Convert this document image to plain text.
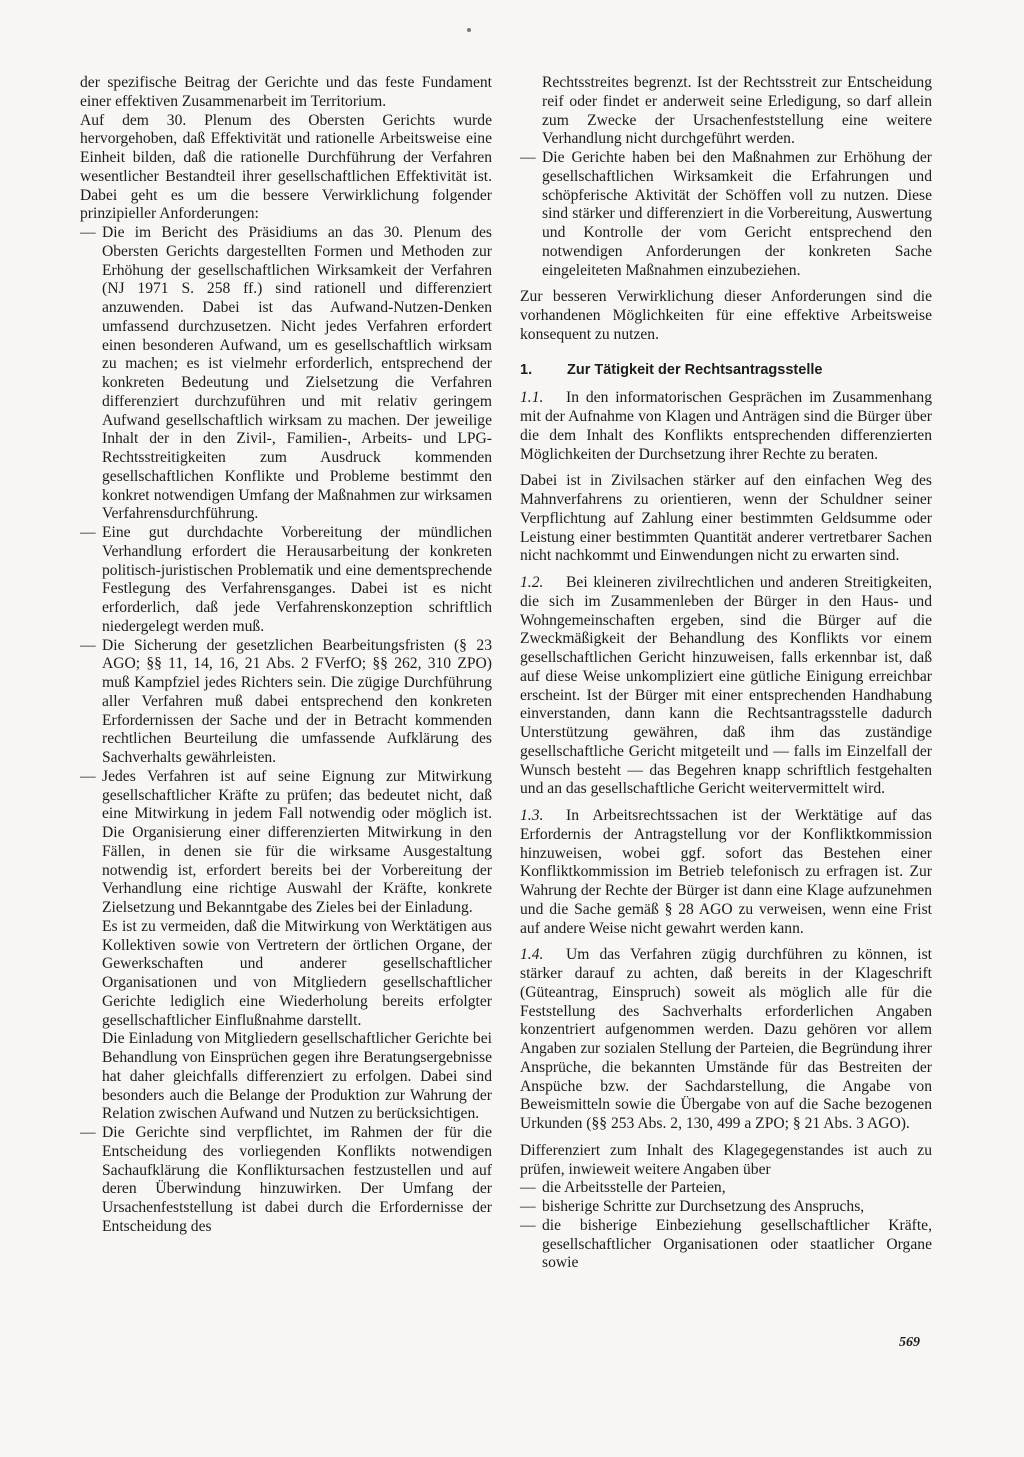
der spezifische Beitrag der Gerichte und das feste Fundament einer effektiven Zusammenarbeit im Territorium.

Auf dem 30. Plenum des Obersten Gerichts wurde hervorgehoben, daß Effektivität und rationelle Arbeitsweise eine Einheit bilden, daß die rationelle Durchführung der Verfahren wesentlicher Bestandteil ihrer gesellschaftlichen Effektivität ist. Dabei geht es um die bessere Verwirklichung folgender prinzipieller Anforderungen:

— Die im Bericht des Präsidiums an das 30. Plenum des Obersten Gerichts dargestellten Formen und Methoden zur Erhöhung der gesellschaftlichen Wirksamkeit der Verfahren (NJ 1971 S. 258 ff.) sind rationell und differenziert anzuwenden. Dabei ist das Aufwand-Nutzen-Denken umfassend durchzusetzen. Nicht jedes Verfahren erfordert einen besonderen Aufwand, um es gesellschaftlich wirksam zu machen; es ist vielmehr erforderlich, entsprechend der konkreten Bedeutung und Zielsetzung die Verfahren differenziert durchzuführen und mit relativ geringem Aufwand gesellschaftlich wirksam zu machen. Der jeweilige Inhalt der in den Zivil-, Familien-, Arbeits- und LPG-Rechtsstreitigkeiten zum Ausdruck kommenden gesellschaftlichen Konflikte und Probleme bestimmt den konkret notwendigen Umfang der Maßnahmen zur wirksamen Verfahrensdurchführung.

— Eine gut durchdachte Vorbereitung der mündlichen Verhandlung erfordert die Herausarbeitung der konkreten politisch-juristischen Problematik und eine dementsprechende Festlegung des Verfahrensganges. Dabei ist es nicht erforderlich, daß jede Verfahrenskonzeption schriftlich niedergelegt werden muß.

— Die Sicherung der gesetzlichen Bearbeitungsfristen (§ 23 AGO; §§ 11, 14, 16, 21 Abs. 2 FVerfO; §§ 262, 310 ZPO) muß Kampfziel jedes Richters sein. Die zügige Durchführung aller Verfahren muß dabei entsprechend den konkreten Erfordernissen der Sache und der in Betracht kommenden rechtlichen Beurteilung die umfassende Aufklärung des Sachverhalts gewährleisten.

— Jedes Verfahren ist auf seine Eignung zur Mitwirkung gesellschaftlicher Kräfte zu prüfen; das bedeutet nicht, daß eine Mitwirkung in jedem Fall notwendig oder möglich ist. Die Organisierung einer differenzierten Mitwirkung in den Fällen, in denen sie für die wirksame Ausgestaltung notwendig ist, erfordert bereits bei der Vorbereitung der Verhandlung eine richtige Auswahl der Kräfte, konkrete Zielsetzung und Bekanntgabe des Zieles bei der Einladung.

Es ist zu vermeiden, daß die Mitwirkung von Werktätigen aus Kollektiven sowie von Vertretern der örtlichen Organe, der Gewerkschaften und anderer gesellschaftlicher Organisationen und von Mitgliedern gesellschaftlicher Gerichte lediglich eine Wiederholung bereits erfolgter gesellschaftlicher Einflußnahme darstellt.

Die Einladung von Mitgliedern gesellschaftlicher Gerichte bei Behandlung von Einsprüchen gegen ihre Beratungsergebnisse hat daher gleichfalls differenziert zu erfolgen. Dabei sind besonders auch die Belange der Produktion zur Wahrung der Relation zwischen Aufwand und Nutzen zu berücksichtigen.

— Die Gerichte sind verpflichtet, im Rahmen der für die Entscheidung des vorliegenden Konflikts notwendigen Sachaufklärung die Konfliktursachen festzustellen und auf deren Überwindung hinzuwirken. Der Umfang der Ursachenfeststellung ist dabei durch die Erfordernisse der Entscheidung des

Rechtsstreites begrenzt. Ist der Rechtsstreit zur Entscheidung reif oder findet er anderweit seine Erledigung, so darf allein zum Zwecke der Ursachenfeststellung eine weitere Verhandlung nicht durchgeführt werden.

— Die Gerichte haben bei den Maßnahmen zur Erhöhung der gesellschaftlichen Wirksamkeit die Erfahrungen und schöpferische Aktivität der Schöffen voll zu nutzen. Diese sind stärker und differenziert in die Vorbereitung, Auswertung und Kontrolle der vom Gericht entsprechend den notwendigen Anforderungen der konkreten Sache eingeleiteten Maßnahmen einzubeziehen.

Zur besseren Verwirklichung dieser Anforderungen sind die vorhandenen Möglichkeiten für eine effektive Arbeitsweise konsequent zu nutzen.

1.	Zur Tätigkeit der Rechtsantragsstelle

1.1. In den informatorischen Gesprächen im Zusammenhang mit der Aufnahme von Klagen und Anträgen sind die Bürger über die dem Inhalt des Konflikts entsprechenden differenzierten Möglichkeiten der Durchsetzung ihrer Rechte zu beraten.

Dabei ist in Zivilsachen stärker auf den einfachen Weg des Mahnverfahrens zu orientieren, wenn der Schuldner seiner Verpflichtung auf Zahlung einer bestimmten Geldsumme oder Leistung einer bestimmten Quantität anderer vertretbarer Sachen nicht nachkommt und Einwendungen nicht zu erwarten sind.

1.2. Bei kleineren zivilrechtlichen und anderen Streitigkeiten, die sich im Zusammenleben der Bürger in den Haus- und Wohngemeinschaften ergeben, sind die Bürger auf die Zweckmäßigkeit der Behandlung des Konflikts vor einem gesellschaftlichen Gericht hinzuweisen, falls erkennbar ist, daß auf diese Weise unkompliziert eine gütliche Einigung erreichbar erscheint. Ist der Bürger mit einer entsprechenden Handhabung einverstanden, dann kann die Rechtsantragsstelle dadurch Unterstützung gewähren, daß ihm das zuständige gesellschaftliche Gericht mitgeteilt und — falls im Einzelfall der Wunsch besteht — das Begehren knapp schriftlich festgehalten und an das gesellschaftliche Gericht weitervermittelt wird.

1.3. In Arbeitsrechtssachen ist der Werktätige auf das Erfordernis der Antragstellung vor der Konfliktkommission hinzuweisen, wobei ggf. sofort das Bestehen einer Konfliktkommission im Betrieb telefonisch zu erfragen ist. Zur Wahrung der Rechte der Bürger ist dann eine Klage aufzunehmen und die Sache gemäß § 28 AGO zu verweisen, wenn eine Frist auf andere Weise nicht gewahrt werden kann.

1.4. Um das Verfahren zügig durchführen zu können, ist stärker darauf zu achten, daß bereits in der Klageschrift (Güteantrag, Einspruch) soweit als möglich alle für die Feststellung des Sachverhalts erforderlichen Angaben konzentriert aufgenommen werden. Dazu gehören vor allem Angaben zur sozialen Stellung der Parteien, die Begründung ihrer Ansprüche, die bekannten Umstände für das Bestreiten der Anspüche bzw. der Sachdarstellung, die Angabe von Beweismitteln sowie die Übergabe von auf die Sache bezogenen Urkunden (§§ 253 Abs. 2, 130, 499 a ZPO; § 21 Abs. 3 AGO).

Differenziert zum Inhalt des Klagegegenstandes ist auch zu prüfen, inwieweit weitere Angaben über

— die Arbeitsstelle der Parteien,

— bisherige Schritte zur Durchsetzung des Anspruchs,

— die bisherige Einbeziehung gesellschaftlicher Kräfte, gesellschaftlicher Organisationen oder staatlicher Organe sowie

569
